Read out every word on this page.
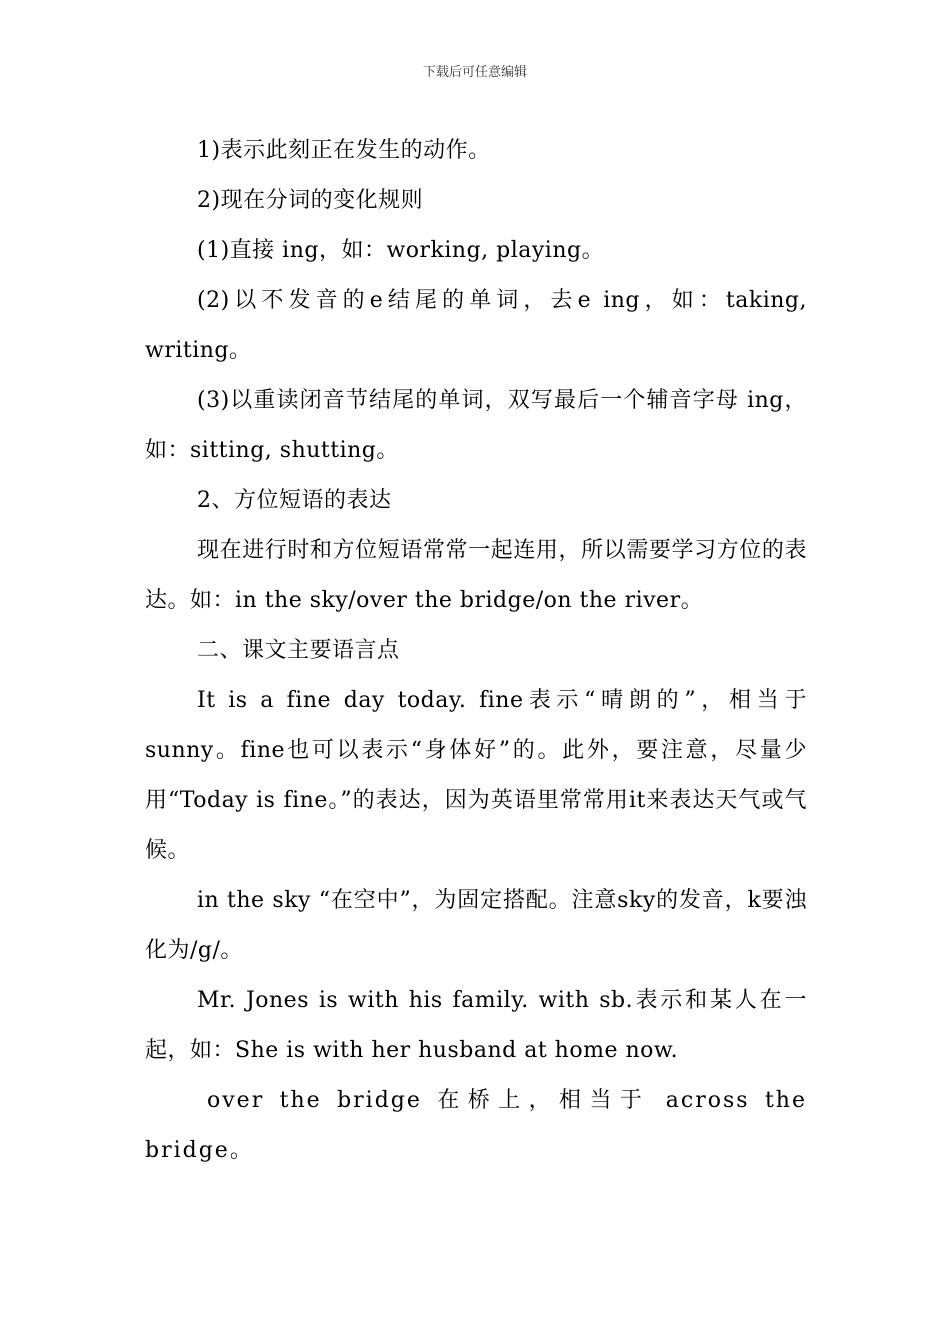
下载后可任意编辑

1)表示此刻正在发生的动作。

2)现在分词的变化规则

(1)直接 ing，如：working, playing。

(2)以不发音的e结尾的单词，去e ing，如：taking, writing。

(3)以重读闭音节结尾的单词，双写最后一个辅音字母 ing，如：sitting, shutting。

2、方位短语的表达

现在进行时和方位短语常常一起连用，所以需要学习方位的表达。如：in the sky/over the bridge/on the river。

二、课文主要语言点

It is a fine day today. fine表示“晴朗的”，相当于sunny。fine也可以表示“身体好”的。此外，要注意，尽量少用“Today is fine。”的表达，因为英语里常常用it来表达天气或气候。

in the sky “在空中”，为固定搭配。注意sky的发音，k要浊化为/g/。

Mr. Jones is with his family. with sb.表示和某人在一起，如：She is with her husband at home now.

over the bridge 在桥上，相当于 across the bridge。
